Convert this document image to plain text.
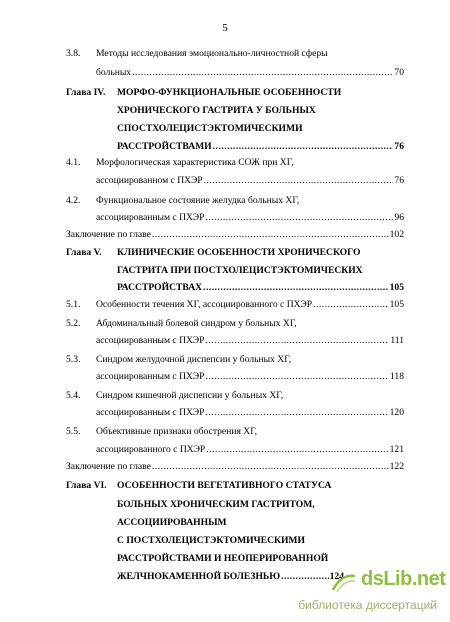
5
3.8. Методы исследования эмоционально-личностной сферы
больных .....	70
Глава IV. МОРФО-ФУНКЦИОНАЛЬНЫЕ ОСОБЕННОСТИ
ХРОНИЧЕСКОГО ГАСТРИТА У БОЛЬНЫХ
СПОСТХОЛЕЦИСТЭКТОМИЧЕСКИМИ
РАССТРОЙСТВАМИ .....	76
4.1. Морфологическая характеристика СОЖ при ХГ,
ассоциированном с ПХЭР .....	76
4.2. Функциональное состояние желудка больных ХГ,
ассоциированным с ПХЭР .....	96
Заключение по главе .....	102
Глава V. КЛИНИЧЕСКИЕ ОСОБЕННОСТИ ХРОНИЧЕСКОГО
ГАСТРИТА ПРИ ПОСТХОЛЕЦИСТЭКТОМИЧЕСКИХ
РАССТРОЙСТВАХ .....	105
5.1. Особенности течения ХГ, ассоциированного с ПХЭР .....	105
5.2. Абдоминальный болевой синдром у больных ХГ,
ассоциированным с ПХЭР .....	111
5.3. Синдром желудочной диспепсии у больных ХГ,
ассоциированным с ПХЭР .....	118
5.4. Синдром кишечной диспепсии у больных ХГ,
ассоциированным с ПХЭР .....	120
5.5. Объективные признаки обострения ХГ,
ассоциированного с ПХЭР .....	121
Заключение по главе .....	122
Глава VI. ОСОБЕННОСТИ ВЕГЕТАТИВНОГО СТАТУСА
БОЛЬНЫХ ХРОНИЧЕСКИМ ГАСТРИТОМ,
АССОЦИИРОВАННЫМ
С ПОСТХОЛЕЦИСТЭКТОМИЧЕСКИМИ
РАССТРОЙСТВАМИ И НЕОПЕРИРОВАННОЙ
ЖЕЛЧНОКАМЕННОЙ БОЛЕЗНЬЮ .....	124 dsLib.net
библиотека диссертаций
